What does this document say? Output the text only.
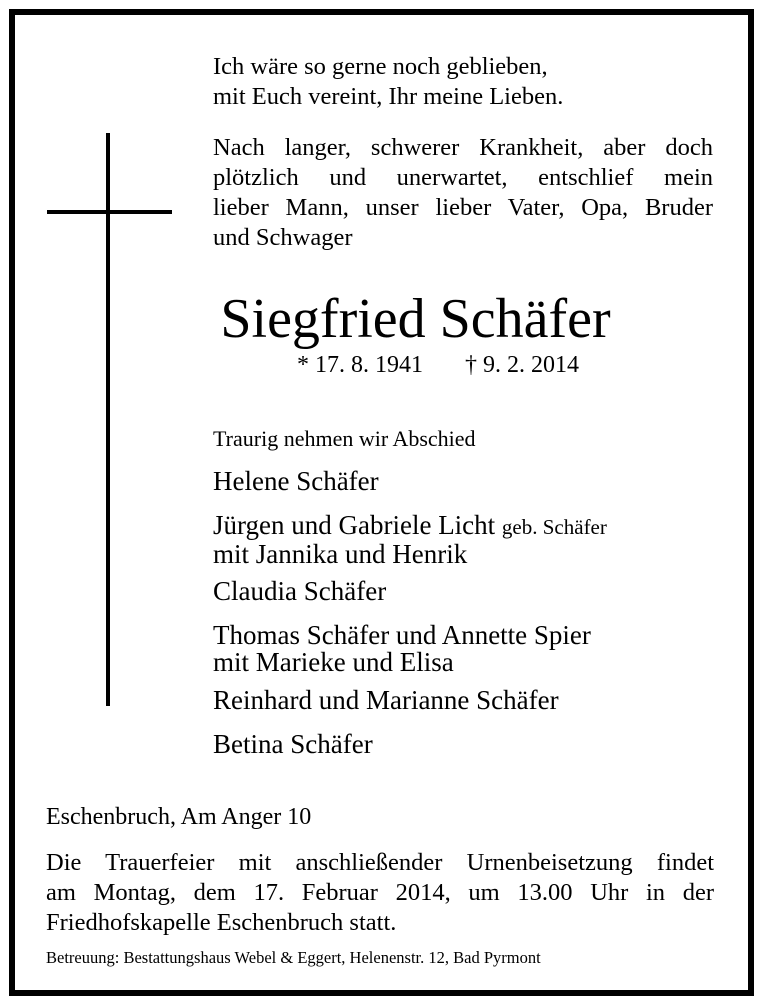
Ich wäre so gerne noch geblieben,
mit Euch vereint, Ihr meine Lieben.
Nach langer, schwerer Krankheit, aber doch
plötzlich und unerwartet, entschlief mein
lieber Mann, unser lieber Vater, Opa, Bruder
und Schwager
Siegfried Schäfer
* 17. 8. 1941 † 9. 2. 2014
Traurig nehmen wir Abschied
Helene Schäfer
Jürgen und Gabriele Licht geb. Schäfer
mit Jannika und Henrik
Claudia Schäfer
Thomas Schäfer und Annette Spier
mit Marieke und Elisa
Reinhard und Marianne Schäfer
Betina Schäfer
Eschenbruch, Am Anger 10
Die Trauerfeier mit anschließender Urnenbeisetzung findet
am Montag, dem 17. Februar 2014, um 13.00 Uhr in der
Friedhofskapelle Eschenbruch statt.
Betreuung: Bestattungshaus Webel & Eggert, Helenenstr. 12, Bad Pyrmont
